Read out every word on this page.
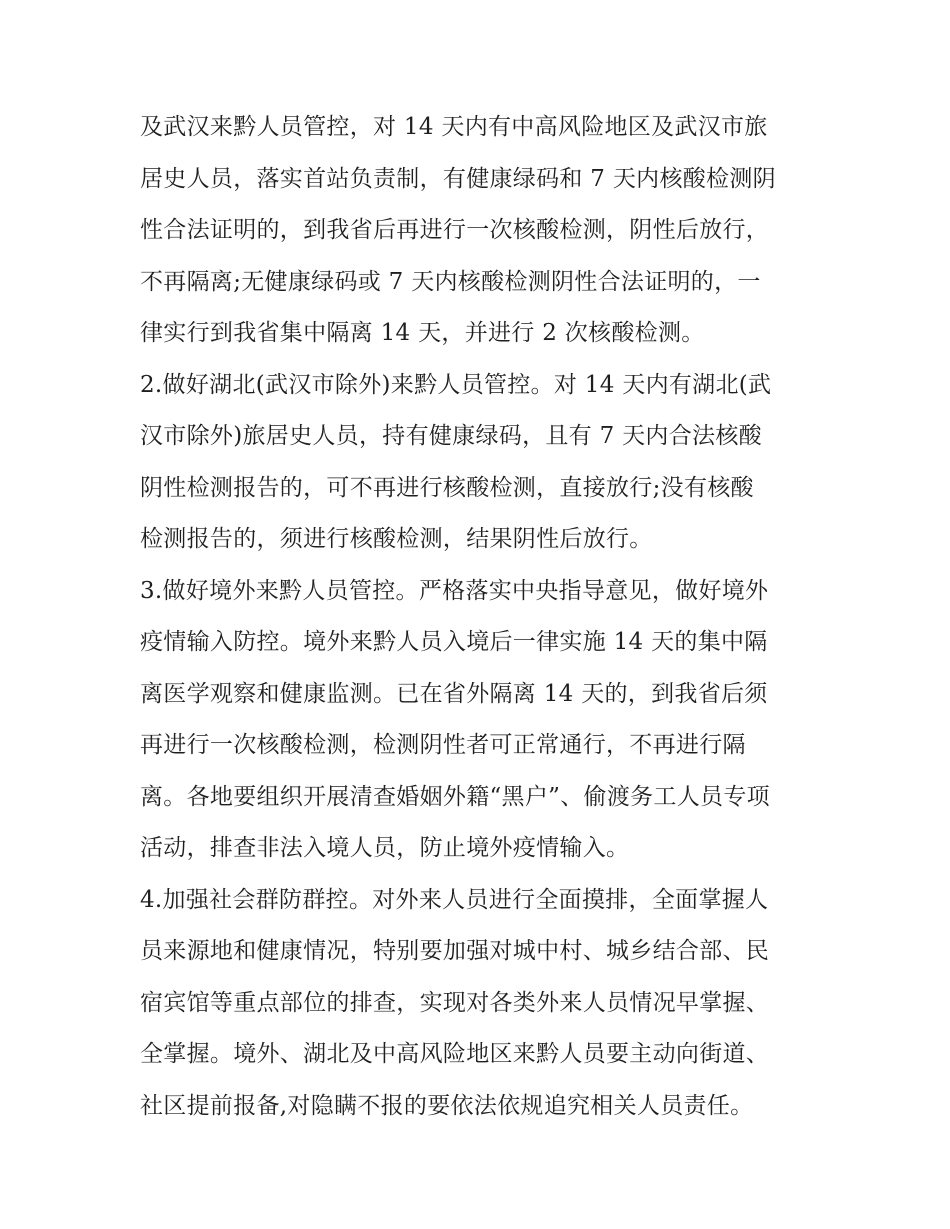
及武汉来黔人员管控，对 14 天内有中高风险地区及武汉市旅
居史人员，落实首站负责制，有健康绿码和 7 天内核酸检测阴
性合法证明的，到我省后再进行一次核酸检测，阴性后放行，
不再隔离;无健康绿码或 7 天内核酸检测阴性合法证明的，一
律实行到我省集中隔离 14 天，并进行 2 次核酸检测。
2.做好湖北(武汉市除外)来黔人员管控。对 14 天内有湖北(武
汉市除外)旅居史人员，持有健康绿码，且有 7 天内合法核酸
阴性检测报告的，可不再进行核酸检测，直接放行;没有核酸
检测报告的，须进行核酸检测，结果阴性后放行。
3.做好境外来黔人员管控。严格落实中央指导意见，做好境外
疫情输入防控。境外来黔人员入境后一律实施 14 天的集中隔
离医学观察和健康监测。已在省外隔离 14 天的，到我省后须
再进行一次核酸检测，检测阴性者可正常通行，不再进行隔
离。各地要组织开展清查婚姻外籍“黑户”、偷渡务工人员专项
活动，排查非法入境人员，防止境外疫情输入。
4.加强社会群防群控。对外来人员进行全面摸排，全面掌握人
员来源地和健康情况，特别要加强对城中村、城乡结合部、民
宿宾馆等重点部位的排查，实现对各类外来人员情况早掌握、
全掌握。境外、湖北及中高风险地区来黔人员要主动向街道、
社区提前报备,对隐瞒不报的要依法依规追究相关人员责任。
